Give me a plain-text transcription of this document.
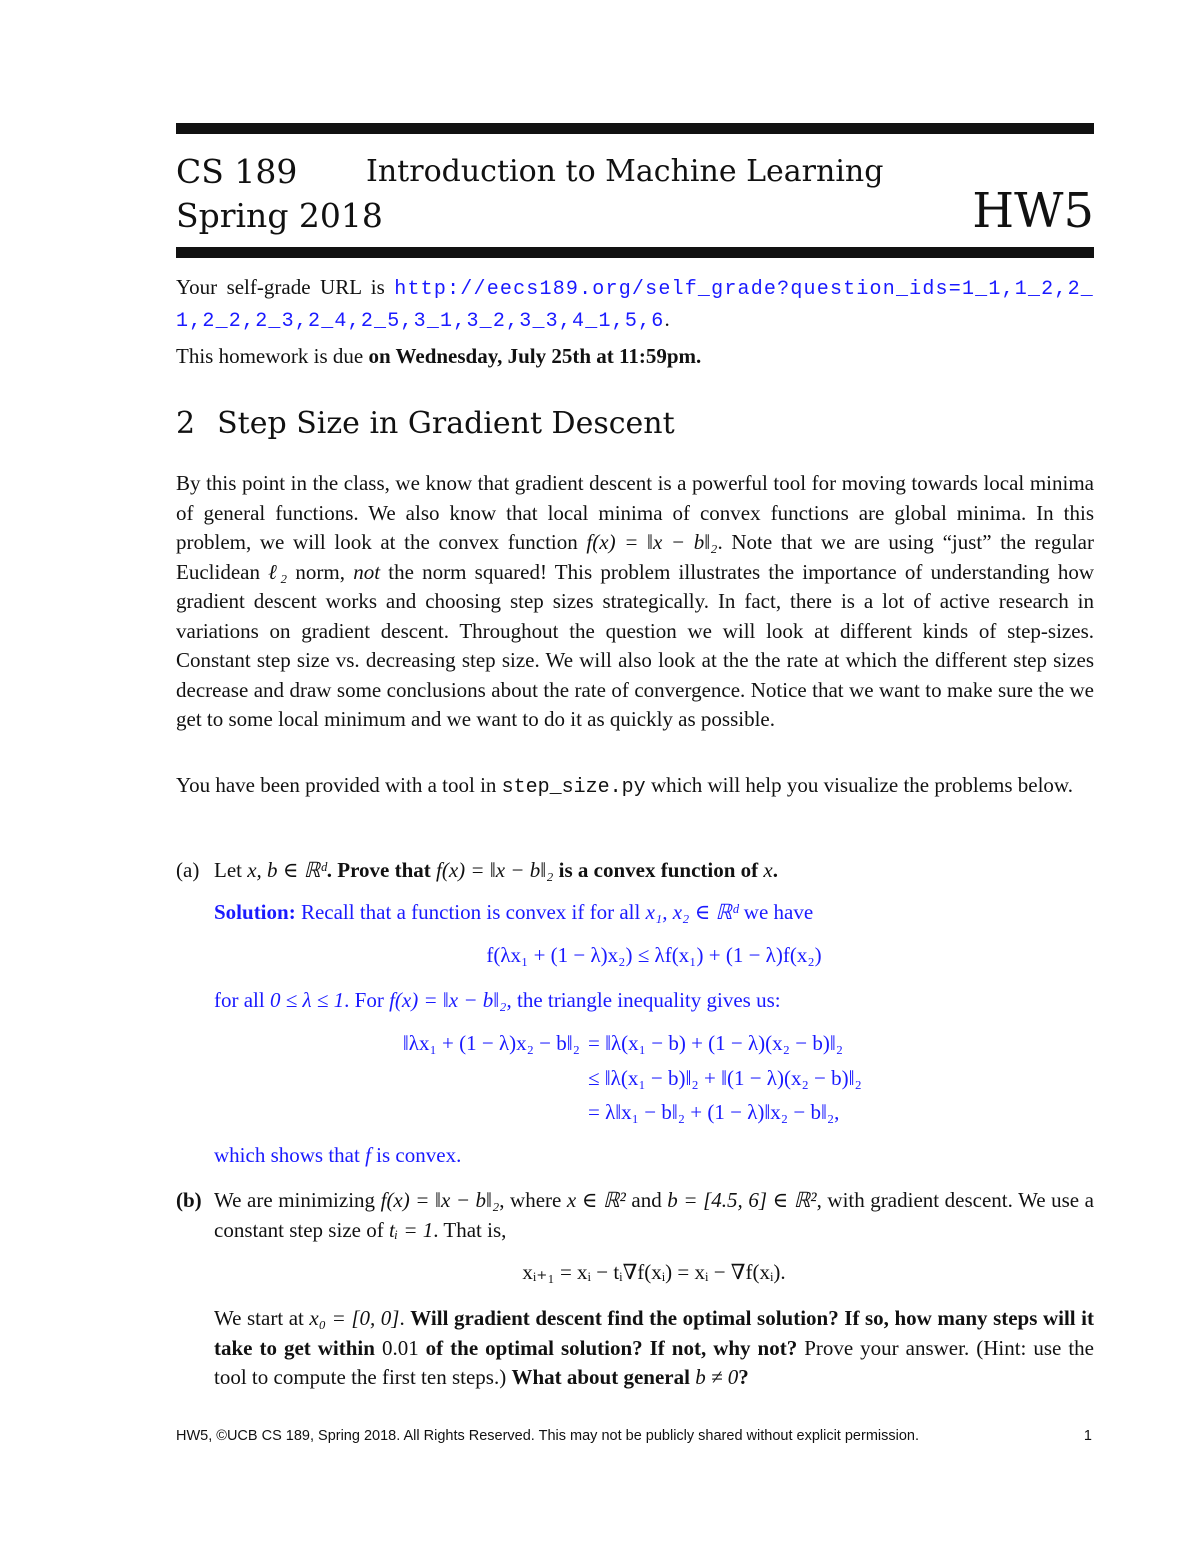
CS 189 Introduction to Machine Learning
Spring 2018	HW5
Your self-grade URL is http://eecs189.org/self_grade?question_ids=1_1,1_2,2_1,2_2,2_3,2_4,2_5,3_1,3_2,3_3,4_1,5,6.
This homework is due on Wednesday, July 25th at 11:59pm.
2 Step Size in Gradient Descent
By this point in the class, we know that gradient descent is a powerful tool for moving towards local minima of general functions. We also know that local minima of convex functions are global minima. In this problem, we will look at the convex function f(x) = ‖x − b‖₂. Note that we are using “just” the regular Euclidean ℓ₂ norm, not the norm squared! This problem illustrates the importance of understanding how gradient descent works and choosing step sizes strategically. In fact, there is a lot of active research in variations on gradient descent. Throughout the question we will look at different kinds of step-sizes. Constant step size vs. decreasing step size. We will also look at the the rate at which the different step sizes decrease and draw some conclusions about the rate of convergence. Notice that we want to make sure the we get to some local minimum and we want to do it as quickly as possible.
You have been provided with a tool in step_size.py which will help you visualize the problems below.
(a) Let x, b ∈ ℝᵈ. Prove that f(x) = ‖x − b‖₂ is a convex function of x.
Solution: Recall that a function is convex if for all x₁, x₂ ∈ ℝᵈ we have
f(λx₁ + (1 − λ)x₂) ≤ λf(x₁) + (1 − λ)f(x₂)
for all 0 ≤ λ ≤ 1. For f(x) = ‖x − b‖₂, the triangle inequality gives us:
‖λx₁ + (1 − λ)x₂ − b‖₂ = ‖λ(x₁ − b) + (1 − λ)(x₂ − b)‖₂
≤ ‖λ(x₁ − b)‖₂ + ‖(1 − λ)(x₂ − b)‖₂
= λ‖x₁ − b‖₂ + (1 − λ)‖x₂ − b‖₂,
which shows that f is convex.
(b) We are minimizing f(x) = ‖x − b‖₂, where x ∈ ℝ² and b = [4.5, 6] ∈ ℝ², with gradient descent. We use a constant step size of tᵢ = 1. That is,
xᵢ₊₁ = xᵢ − tᵢ∇f(xᵢ) = xᵢ − ∇f(xᵢ).
We start at x₀ = [0, 0]. Will gradient descent find the optimal solution? If so, how many steps will it take to get within 0.01 of the optimal solution? If not, why not? Prove your answer. (Hint: use the tool to compute the first ten steps.) What about general b ≠ 0?
HW5, ©UCB CS 189, Spring 2018. All Rights Reserved. This may not be publicly shared without explicit permission.	1
